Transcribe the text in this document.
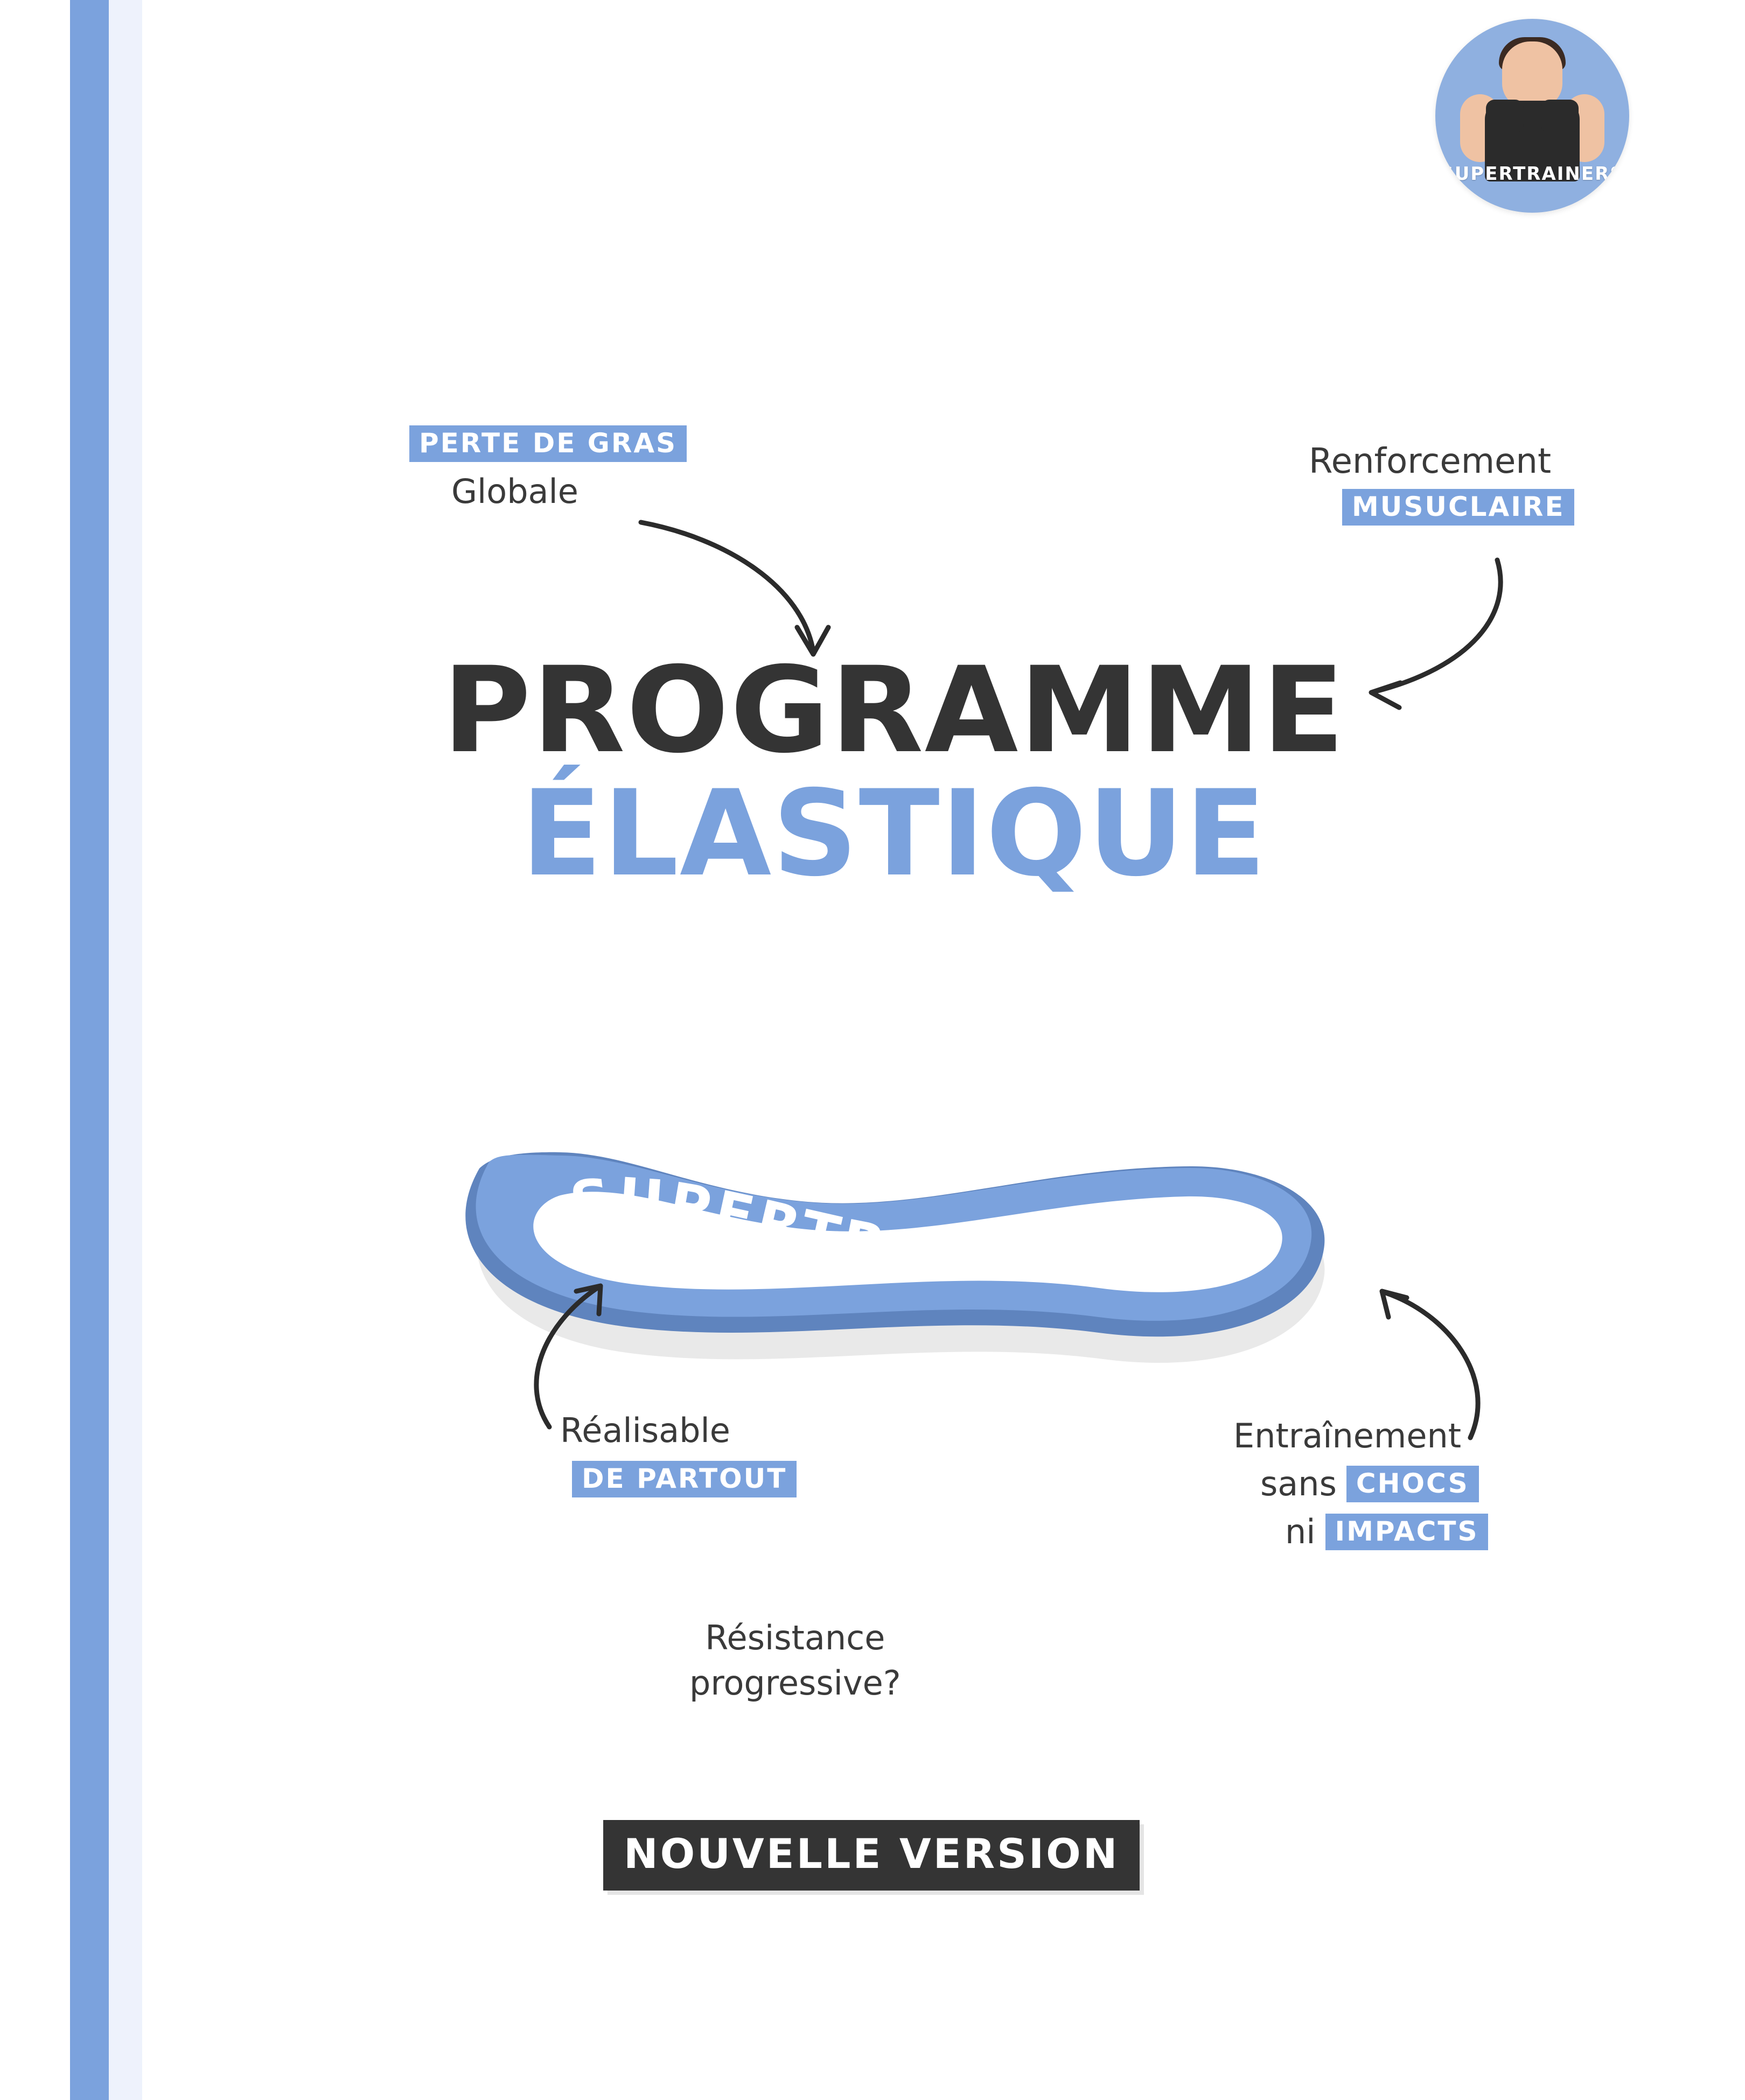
SUPERTRAINERS
PERTE DE GRAS
Globale
Renforcement
MUSUCLAIRE
PROGRAMME
ÉLASTIQUE
SUPERTRAINERS
Réalisable
DE PARTOUT
Entraînement
sans CHOCS
ni IMPACTS
Résistance
progressive?
NOUVELLE VERSION
